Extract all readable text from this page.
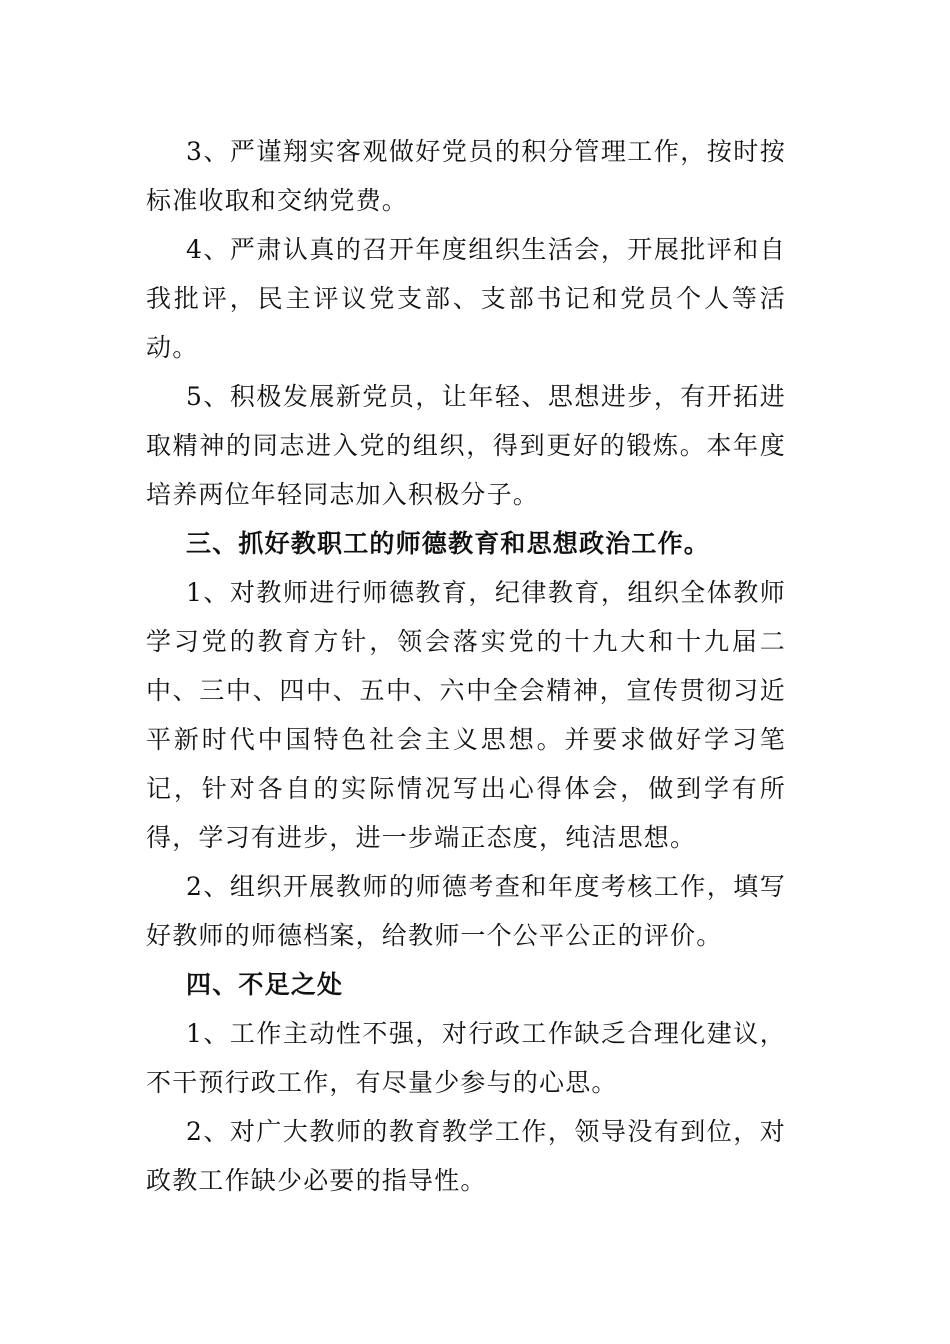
3、严谨翔实客观做好党员的积分管理工作，按时按标准收取和交纳党费。

4、严肃认真的召开年度组织生活会，开展批评和自我批评，民主评议党支部、支部书记和党员个人等活动。

5、积极发展新党员，让年轻、思想进步，有开拓进取精神的同志进入党的组织，得到更好的锻炼。本年度培养两位年轻同志加入积极分子。

三、抓好教职工的师德教育和思想政治工作。

1、对教师进行师德教育，纪律教育，组织全体教师学习党的教育方针，领会落实党的十九大和十九届二中、三中、四中、五中、六中全会精神，宣传贯彻习近平新时代中国特色社会主义思想。并要求做好学习笔记，针对各自的实际情况写出心得体会，做到学有所得，学习有进步，进一步端正态度，纯洁思想。

2、组织开展教师的师德考查和年度考核工作，填写好教师的师德档案，给教师一个公平公正的评价。

四、不足之处

1、工作主动性不强，对行政工作缺乏合理化建议，不干预行政工作，有尽量少参与的心思。

2、对广大教师的教育教学工作，领导没有到位，对政教工作缺少必要的指导性。
